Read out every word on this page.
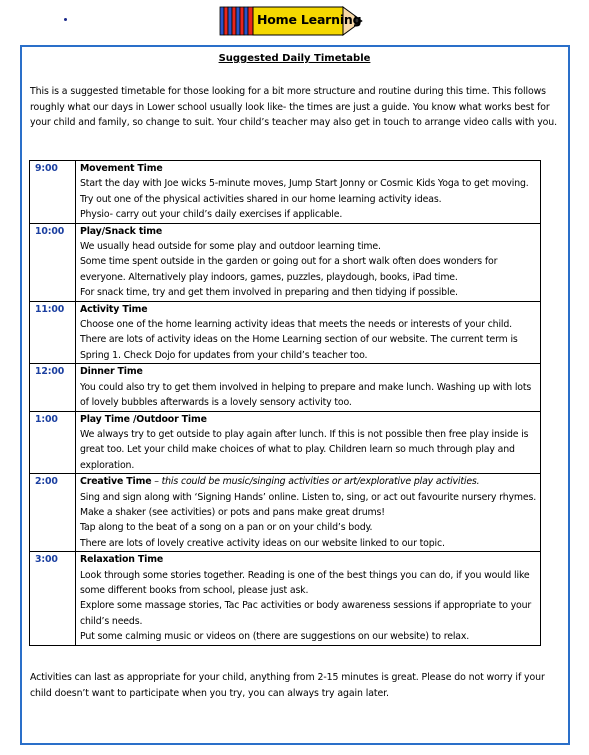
Home Learning
Suggested Daily Timetable
This is a suggested timetable for those looking for a bit more structure and routine during this time. This follows roughly what our days in Lower school usually look like- the times are just a guide. You know what works best for your child and family, so change to suit. Your child’s teacher may also get in touch to arrange video calls with you.
9:00	Movement Time
Start the day with Joe wicks 5-minute moves, Jump Start Jonny or Cosmic Kids Yoga to get moving.
Try out one of the physical activities shared in our home learning activity ideas.
Physio- carry out your child’s daily exercises if applicable.

10:00	Play/Snack time
We usually head outside for some play and outdoor learning time.
Some time spent outside in the garden or going out for a short walk often does wonders for everyone. Alternatively play indoors, games, puzzles, playdough, books, iPad time.
For snack time, try and get them involved in preparing and then tidying if possible.

11:00	Activity Time
Choose one of the home learning activity ideas that meets the needs or interests of your child. There are lots of activity ideas on the Home Learning section of our website. The current term is Spring 1. Check Dojo for updates from your child’s teacher too.

12:00	Dinner Time
You could also try to get them involved in helping to prepare and make lunch. Washing up with lots of lovely bubbles afterwards is a lovely sensory activity too.

1:00	Play Time /Outdoor Time
We always try to get outside to play again after lunch. If this is not possible then free play inside is great too. Let your child make choices of what to play. Children learn so much through play and exploration.

2:00	Creative Time – this could be music/singing activities or art/explorative play activities.
Sing and sign along with ‘Signing Hands’ online. Listen to, sing, or act out favourite nursery rhymes. Make a shaker (see activities) or pots and pans make great drums!
Tap along to the beat of a song on a pan or on your child’s body.
There are lots of lovely creative activity ideas on our website linked to our topic.

3:00	Relaxation Time
Look through some stories together. Reading is one of the best things you can do, if you would like some different books from school, please just ask.
Explore some massage stories, Tac Pac activities or body awareness sessions if appropriate to your child’s needs.
Put some calming music or videos on (there are suggestions on our website) to relax.
Activities can last as appropriate for your child, anything from 2-15 minutes is great. Please do not worry if your child doesn’t want to participate when you try, you can always try again later.
